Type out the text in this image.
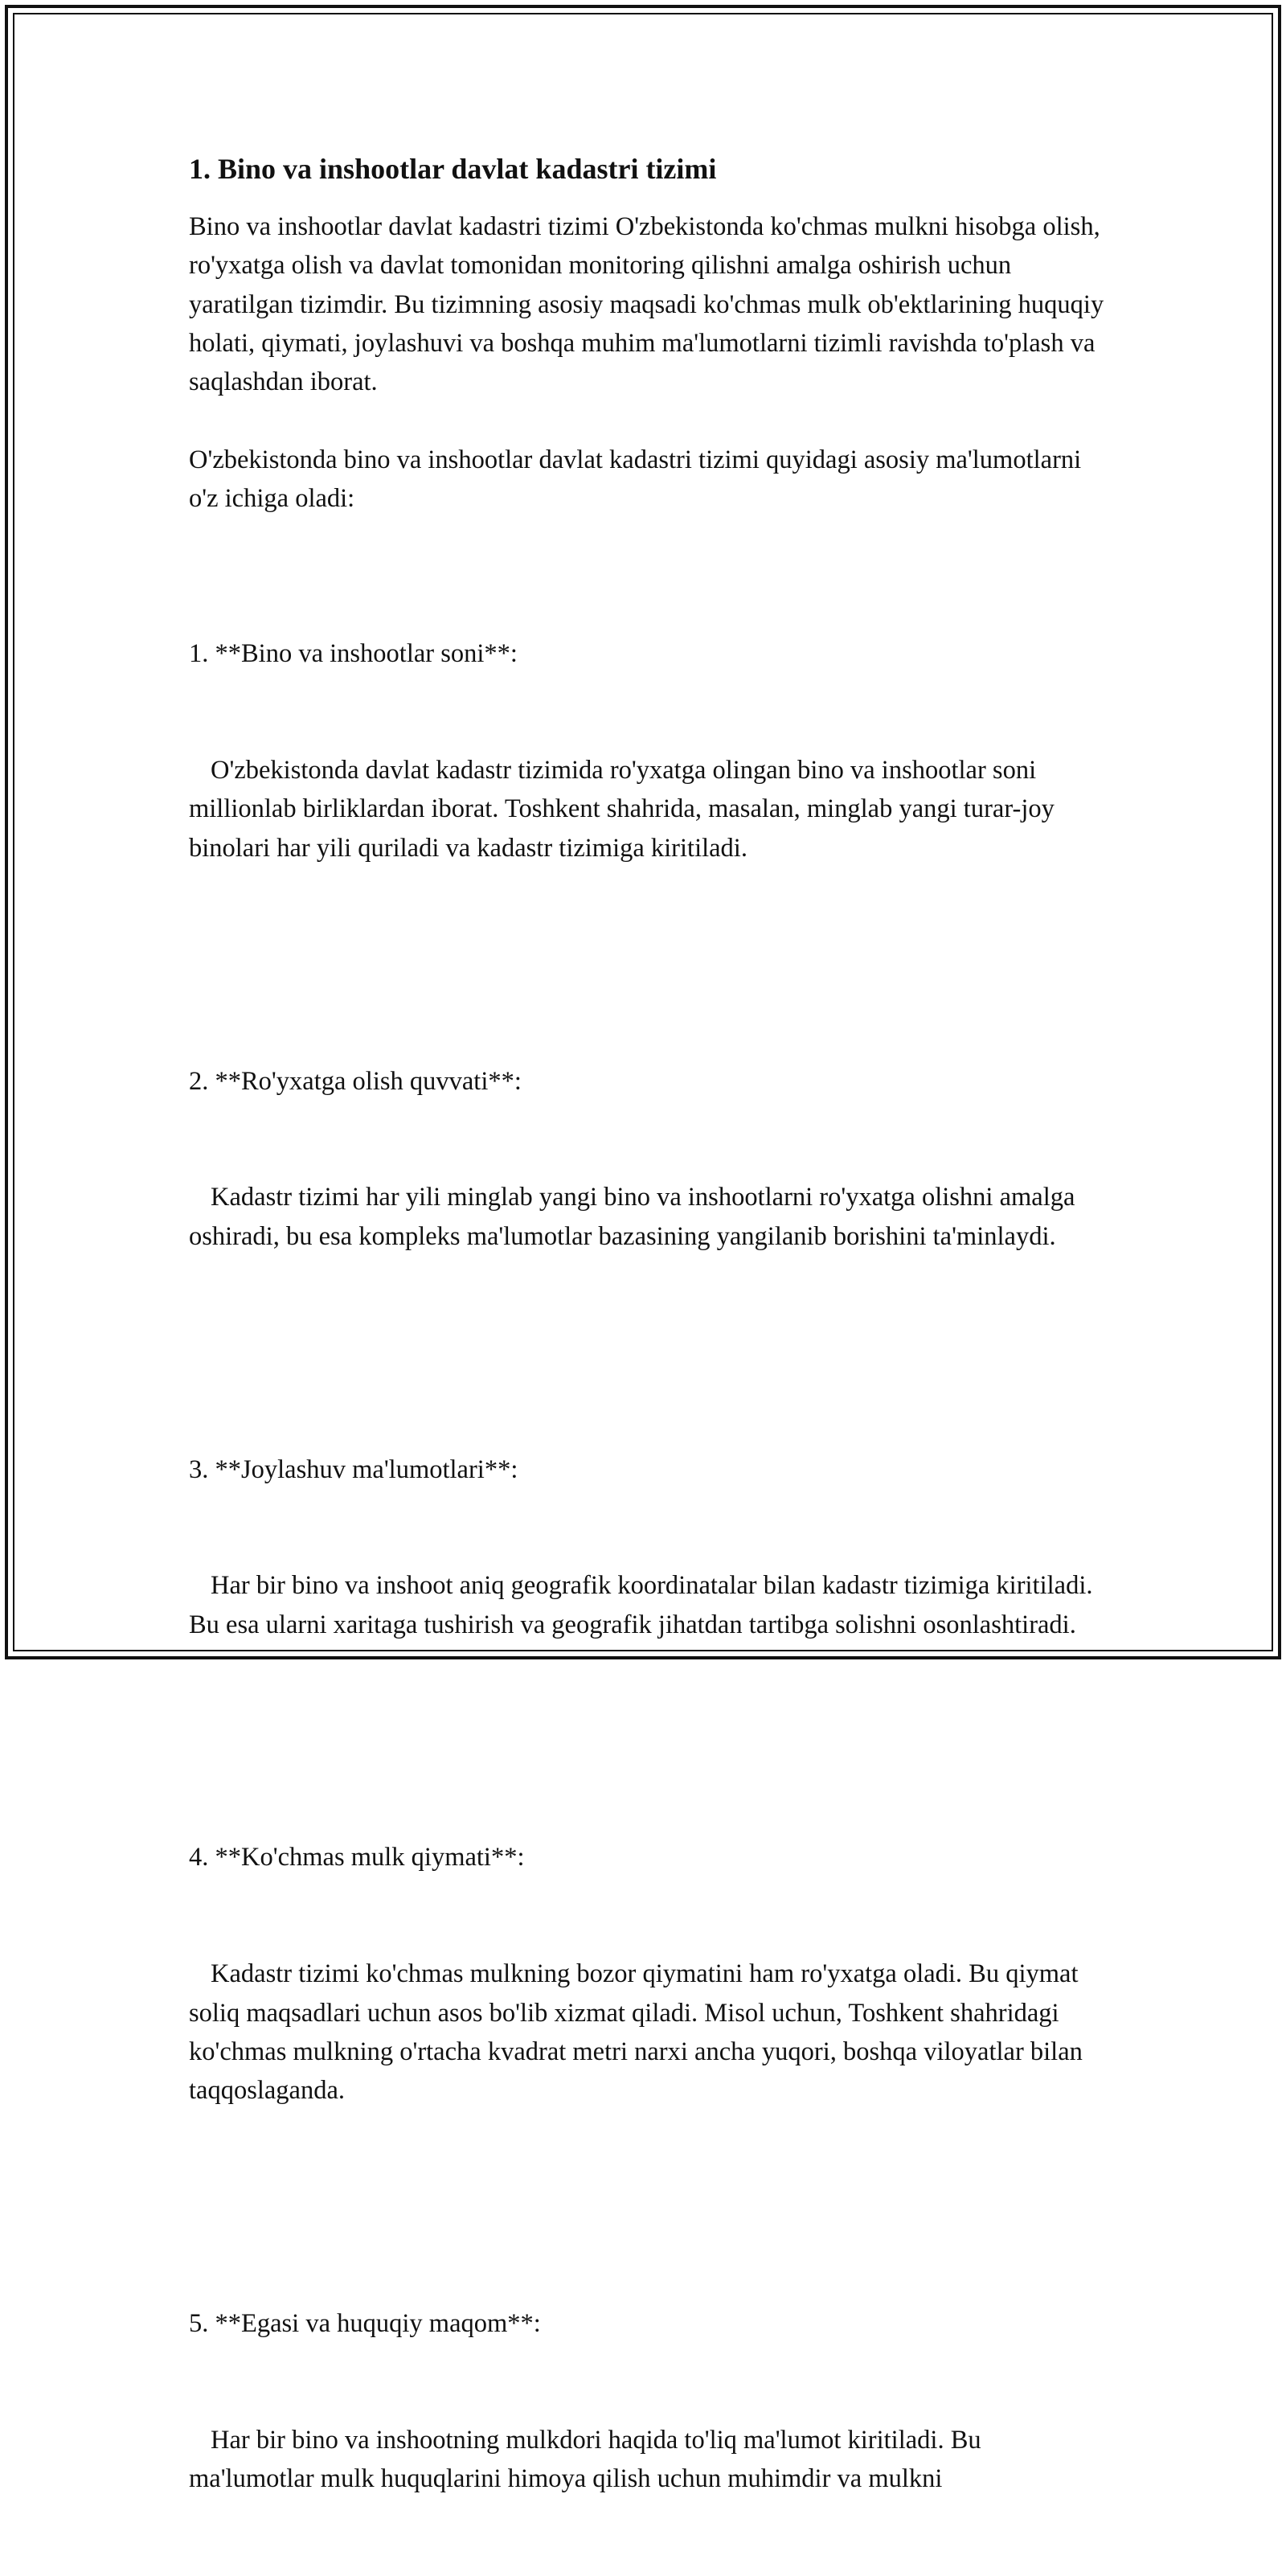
1. Bino va inshootlar davlat kadastri tizimi

Bino va inshootlar davlat kadastri tizimi O'zbekistonda ko'chmas mulkni hisobga olish, ro'yxatga olish va davlat tomonidan monitoring qilishni amalga oshirish uchun yaratilgan tizimdir. Bu tizimning asosiy maqsadi ko'chmas mulk ob'ektlarining huquqiy holati, qiymati, joylashuvi va boshqa muhim ma'lumotlarni tizimli ravishda to'plash va saqlashdan iborat.

O'zbekistonda bino va inshootlar davlat kadastri tizimi quyidagi asosiy ma'lumotlarni o'z ichiga oladi:

1. **Bino va inshootlar soni**:

O'zbekistonda davlat kadastr tizimida ro'yxatga olingan bino va inshootlar soni millionlab birliklardan iborat. Toshkent shahrida, masalan, minglab yangi turar-joy binolari har yili quriladi va kadastr tizimiga kiritiladi.

2. **Ro'yxatga olish quvvati**:

Kadastr tizimi har yili minglab yangi bino va inshootlarni ro'yxatga olishni amalga oshiradi, bu esa kompleks ma'lumotlar bazasining yangilanib borishini ta'minlaydi.

3. **Joylashuv ma'lumotlari**:

Har bir bino va inshoot aniq geografik koordinatalar bilan kadastr tizimiga kiritiladi. Bu esa ularni xaritaga tushirish va geografik jihatdan tartibga solishni osonlashtiradi.

4. **Ko'chmas mulk qiymati**:

Kadastr tizimi ko'chmas mulkning bozor qiymatini ham ro'yxatga oladi. Bu qiymat soliq maqsadlari uchun asos bo'lib xizmat qiladi. Misol uchun, Toshkent shahridagi ko'chmas mulkning o'rtacha kvadrat metri narxi ancha yuqori, boshqa viloyatlar bilan taqqoslaganda.

5. **Egasi va huquqiy maqom**:

Har bir bino va inshootning mulkdori haqida to'liq ma'lumot kiritiladi. Bu ma'lumotlar mulk huquqlarini himoya qilish uchun muhimdir va mulkni
